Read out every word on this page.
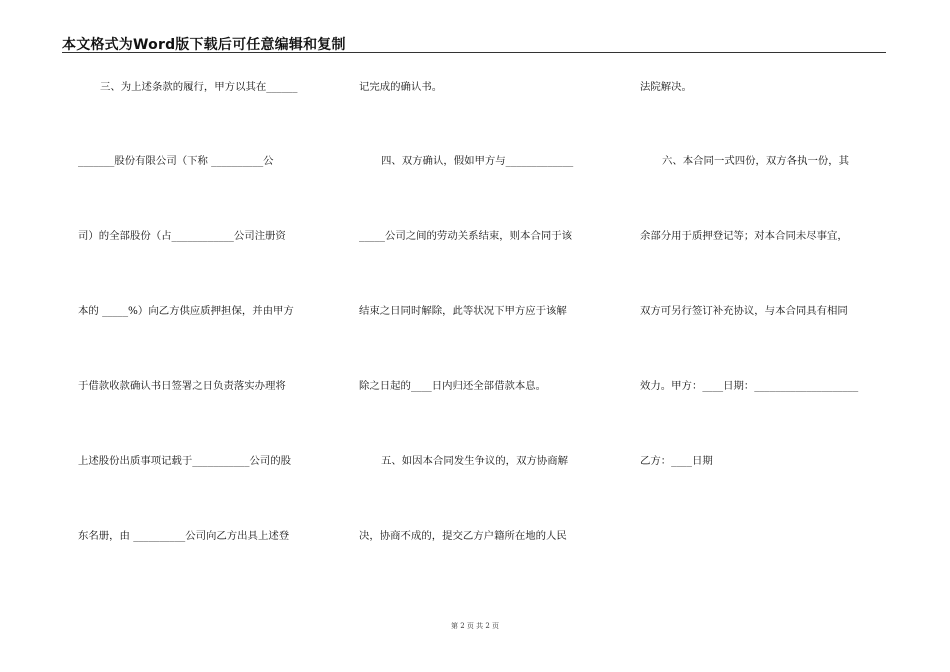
本文格式为Word版下载后可任意编辑和复制
三、为上述条款的履行，甲方以其在______
_______股份有限公司（下称 __________公
司）的全部股份（占____________公司注册资
本的 _____%）向乙方供应质押担保，并由甲方
于借款收款确认书日签署之日负责落实办理将
上述股份出质事项记载于___________公司的股
东名册，由 __________公司向乙方出具上述登
记完成的确认书。
四、双方确认，假如甲方与_____________
_____公司之间的劳动关系结束，则本合同于该
结束之日同时解除，此等状况下甲方应于该解
除之日起的____日内归还全部借款本息。
五、如因本合同发生争议的，双方协商解
决，协商不成的，提交乙方户籍所在地的人民
法院解决。
六、本合同一式四份，双方各执一份，其
余部分用于质押登记等；对本合同未尽事宜，
双方可另行签订补充协议，与本合同具有相同
效力。甲方：____日期：____________________
乙方：____日期
第 2 页 共 2 页
